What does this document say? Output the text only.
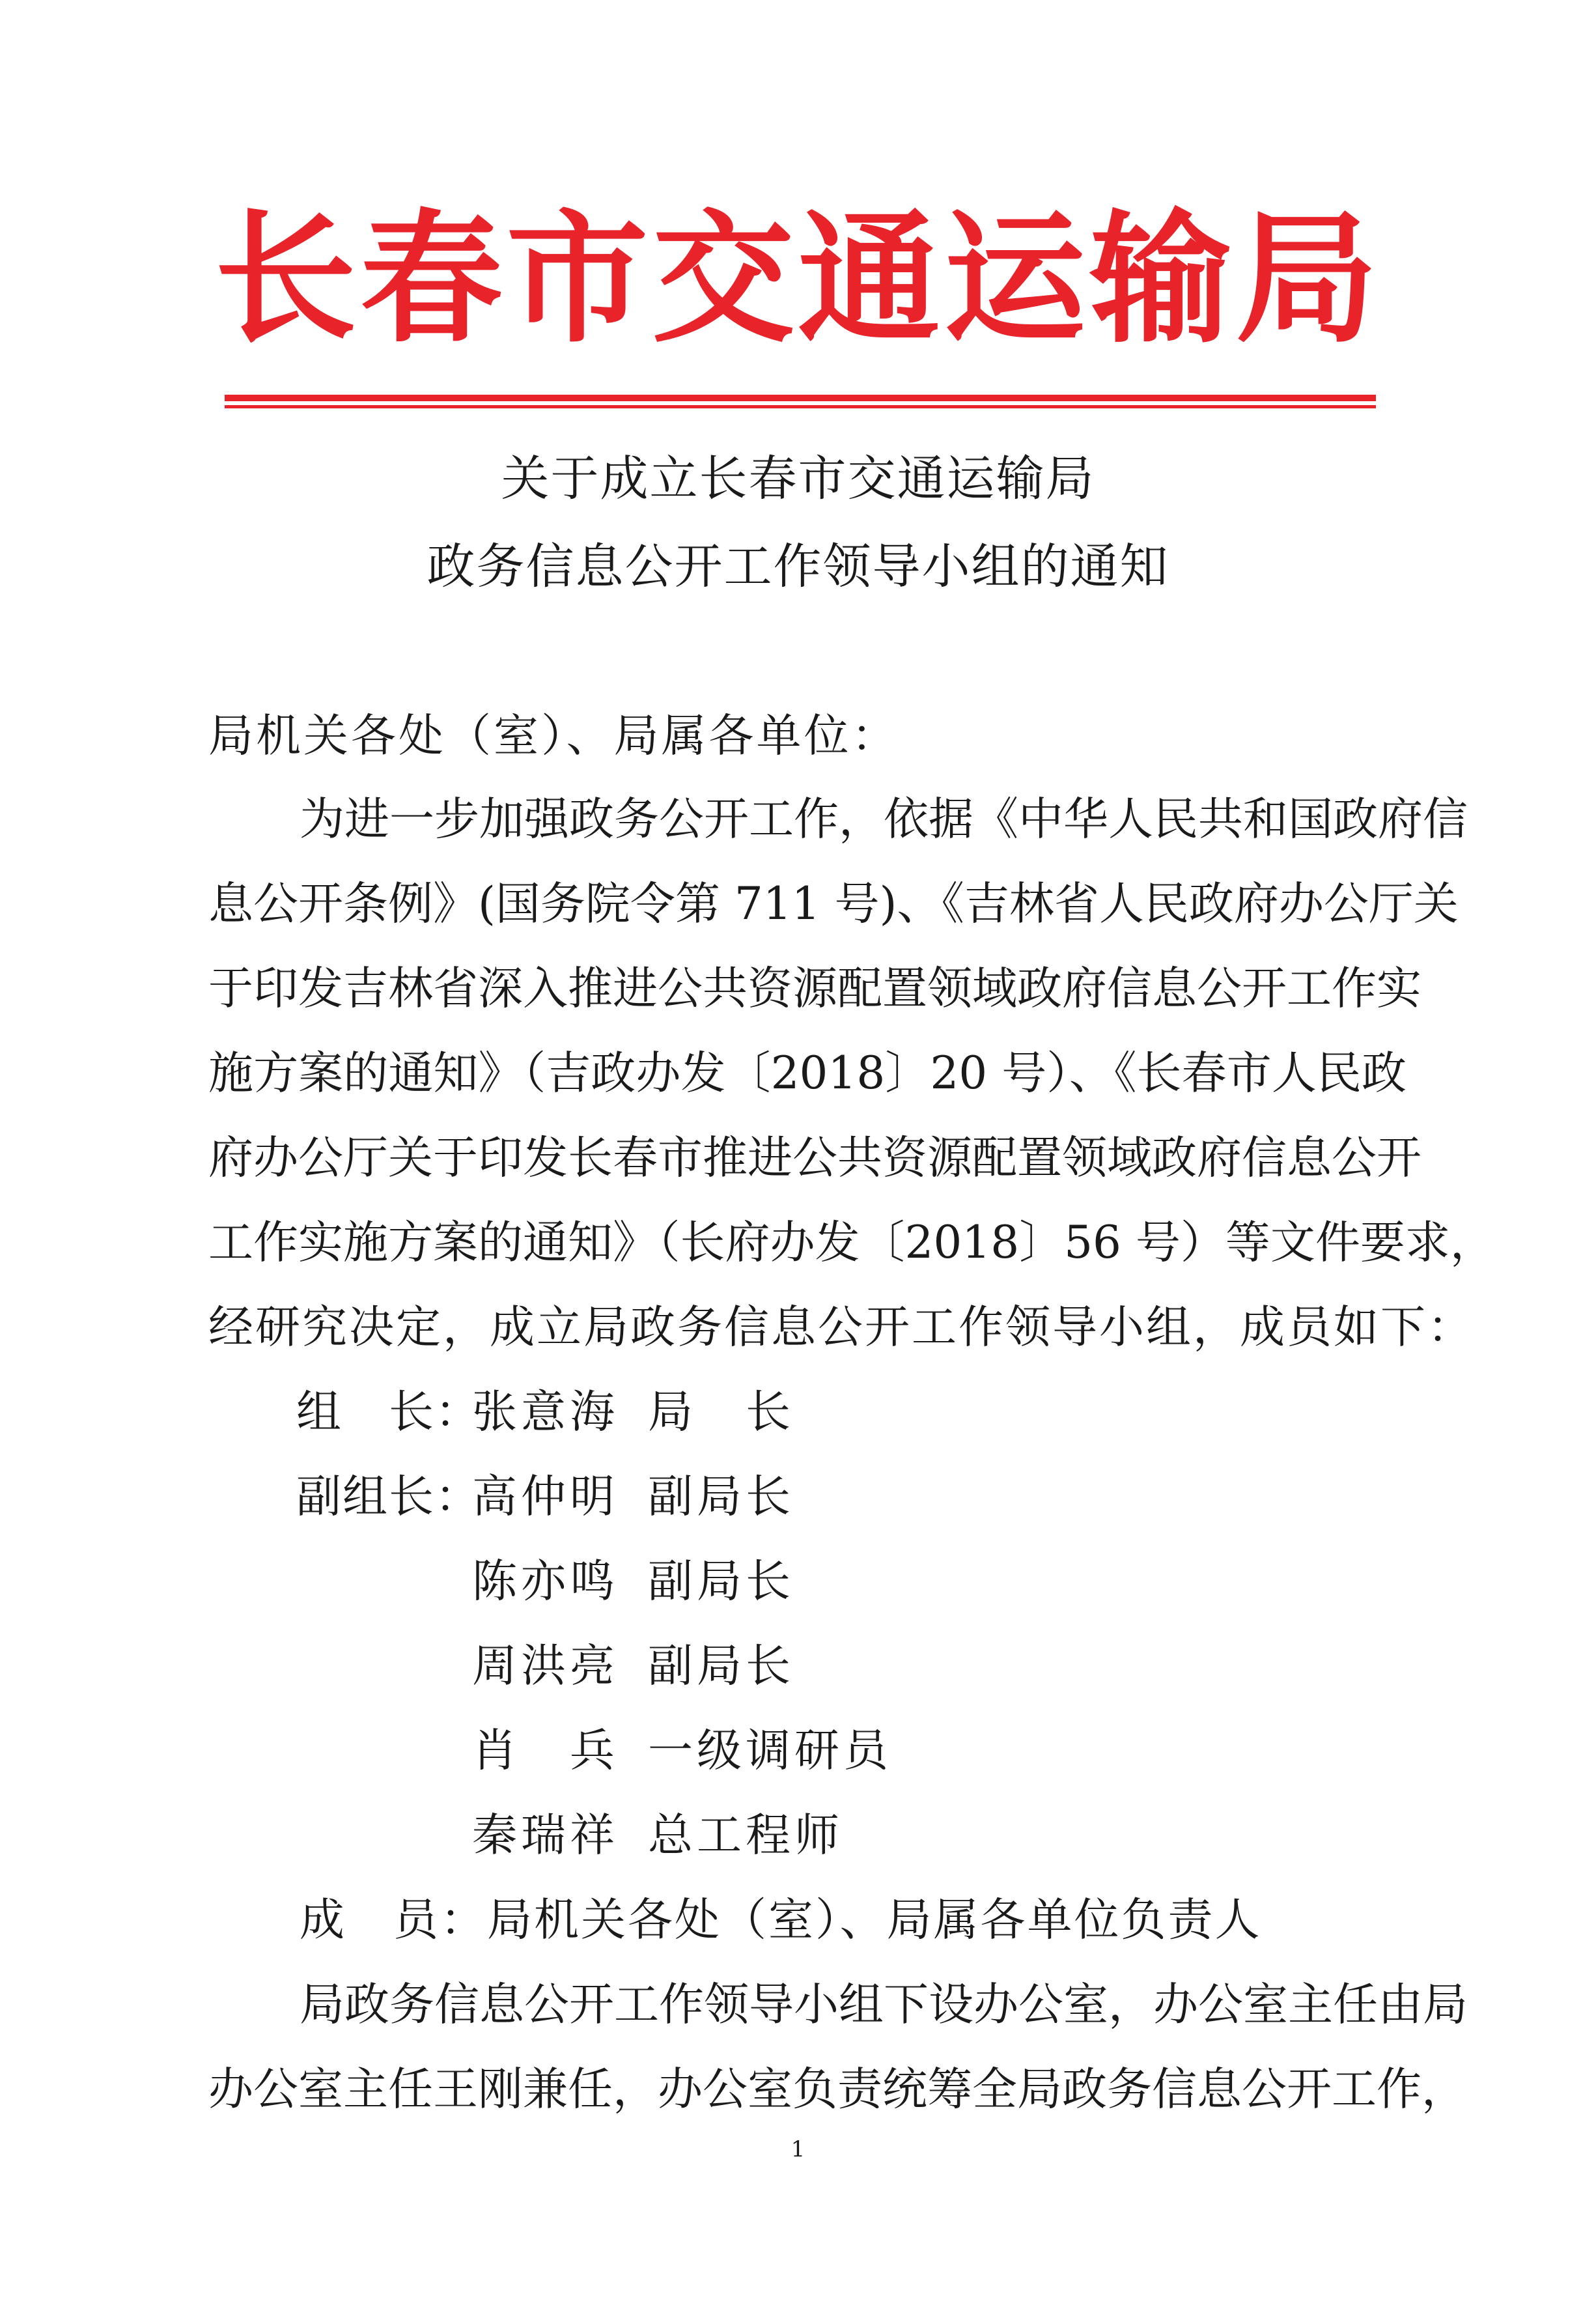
长春市交通运输局
关于成立长春市交通运输局
政务信息公开工作领导小组的通知
局机关各处（室）、局属各单位：
为进一步加强政务公开工作，依据《中华人民共和国政府信
息公开条例》(国务院令第 711 号)、《吉林省人民政府办公厅关
于印发吉林省深入推进公共资源配置领域政府信息公开工作实
施方案的通知》（吉政办发〔2018〕20 号）、《长春市人民政
府办公厅关于印发长春市推进公共资源配置领域政府信息公开
工作实施方案的通知》（长府办发〔2018〕56 号）等文件要求，
经研究决定，成立局政务信息公开工作领导小组，成员如下：
组　长：
张意海 局　长
副组长：
高仲明 副局长
陈亦鸣 副局长
周洪亮 副局长
肖　兵 一级调研员
秦瑞祥 总工程师
成　员：局机关各处（室）、局属各单位负责人
局政务信息公开工作领导小组下设办公室，办公室主任由局
办公室主任王刚兼任，办公室负责统筹全局政务信息公开工作，
1
